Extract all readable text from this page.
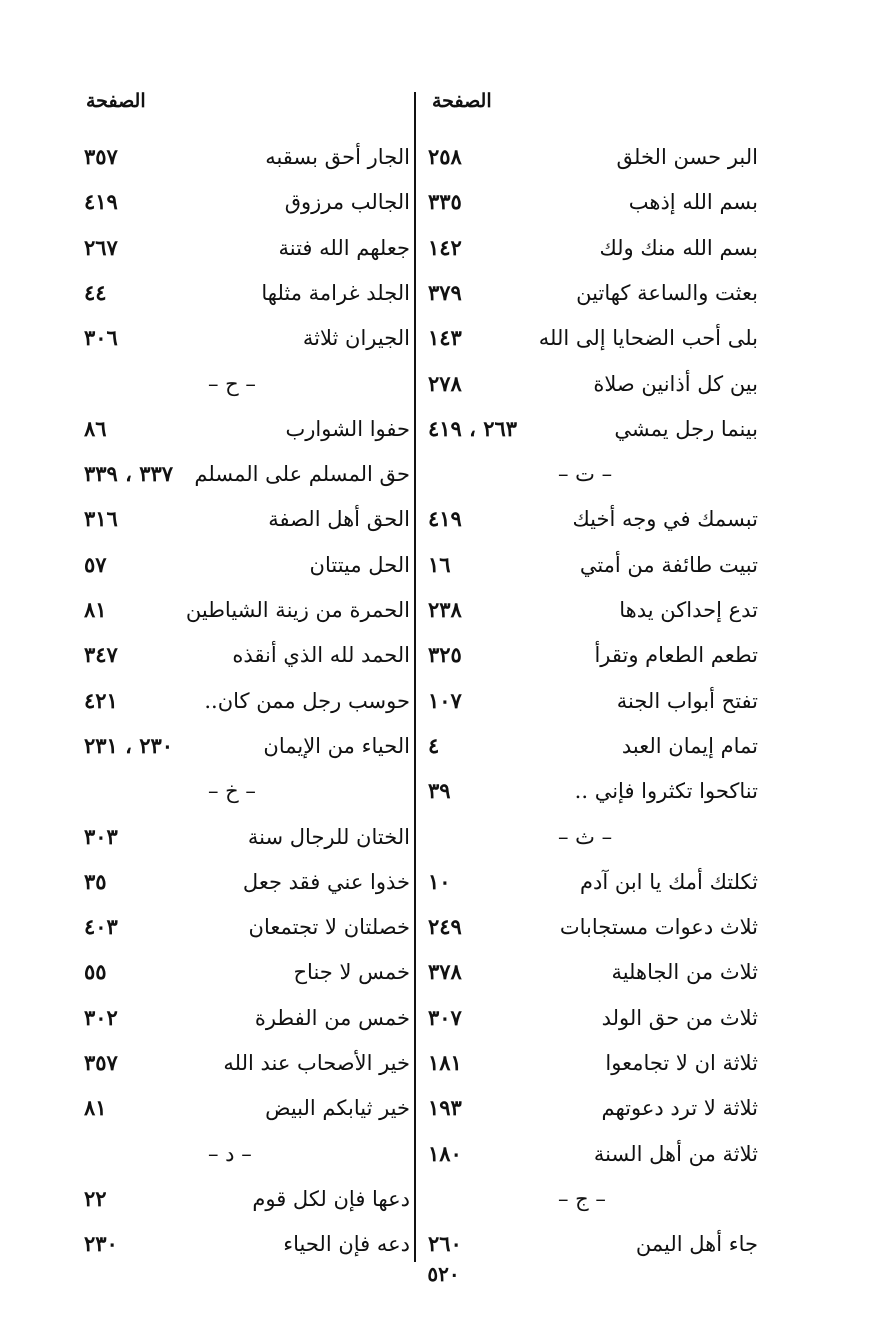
الصفحة
٢٥٨	البر حسن الخلق
٣٣٥	بسم الله إذهب
١٤٢	بسم الله منك ولك
٣٧٩	بعثت والساعة كهاتين
١٤٣	بلى أحب الضحايا إلى الله
٢٧٨	بين كل أذانين صلاة
٢٦٣ ، ٤١٩	بينما رجل يمشي
– ت –
٤١٩	تبسمك في وجه أخيك
١٦	تبيت طائفة من أمتي
٢٣٨	تدع إحداكن يدها
٣٢٥	تطعم الطعام وتقرأ
١٠٧	تفتح أبواب الجنة
٤	تمام إيمان العبد
٣٩	تناكحوا تكثروا فإني ..
– ث –
١٠	ثكلتك أمك يا ابن آدم
٢٤٩	ثلاث دعوات مستجابات
٣٧٨	ثلاث من الجاهلية
٣٠٧	ثلاث من حق الولد
١٨١	ثلاثة ان لا تجامعوا
١٩٣	ثلاثة لا ترد دعوتهم
١٨٠	ثلاثة من أهل السنة
– ج –
٢٦٠	جاء أهل اليمن
الصفحة
٣٥٧	الجار أحق بسقبه
٤١٩	الجالب مرزوق
٢٦٧	جعلهم الله فتنة
٤٤	الجلد غرامة مثلها
٣٠٦	الجيران ثلاثة
– ح –
٨٦	حفوا الشوارب
٣٣٧ ، ٣٣٩ حق المسلم على المسلم
٣١٦	الحق أهل الصفة
٥٧	الحل ميتتان
٨١	الحمرة من زينة الشياطين
٣٤٧	الحمد لله الذي أنقذه
٤٢١	حوسب رجل ممن كان..
٢٣٠ ، ٢٣١	الحياء من الإيمان
– خ –
٣٠٣	الختان للرجال سنة
٣٥	خذوا عني فقد جعل
٤٠٣	خصلتان لا تجتمعان
٥٥	خمس لا جناح
٣٠٢	خمس من الفطرة
٣٥٧	خير الأصحاب عند الله
٨١	خير ثيابكم البيض
– د –
٢٢	دعها فإن لكل قوم
٢٣٠	دعه فإن الحياء
٥٢٠
